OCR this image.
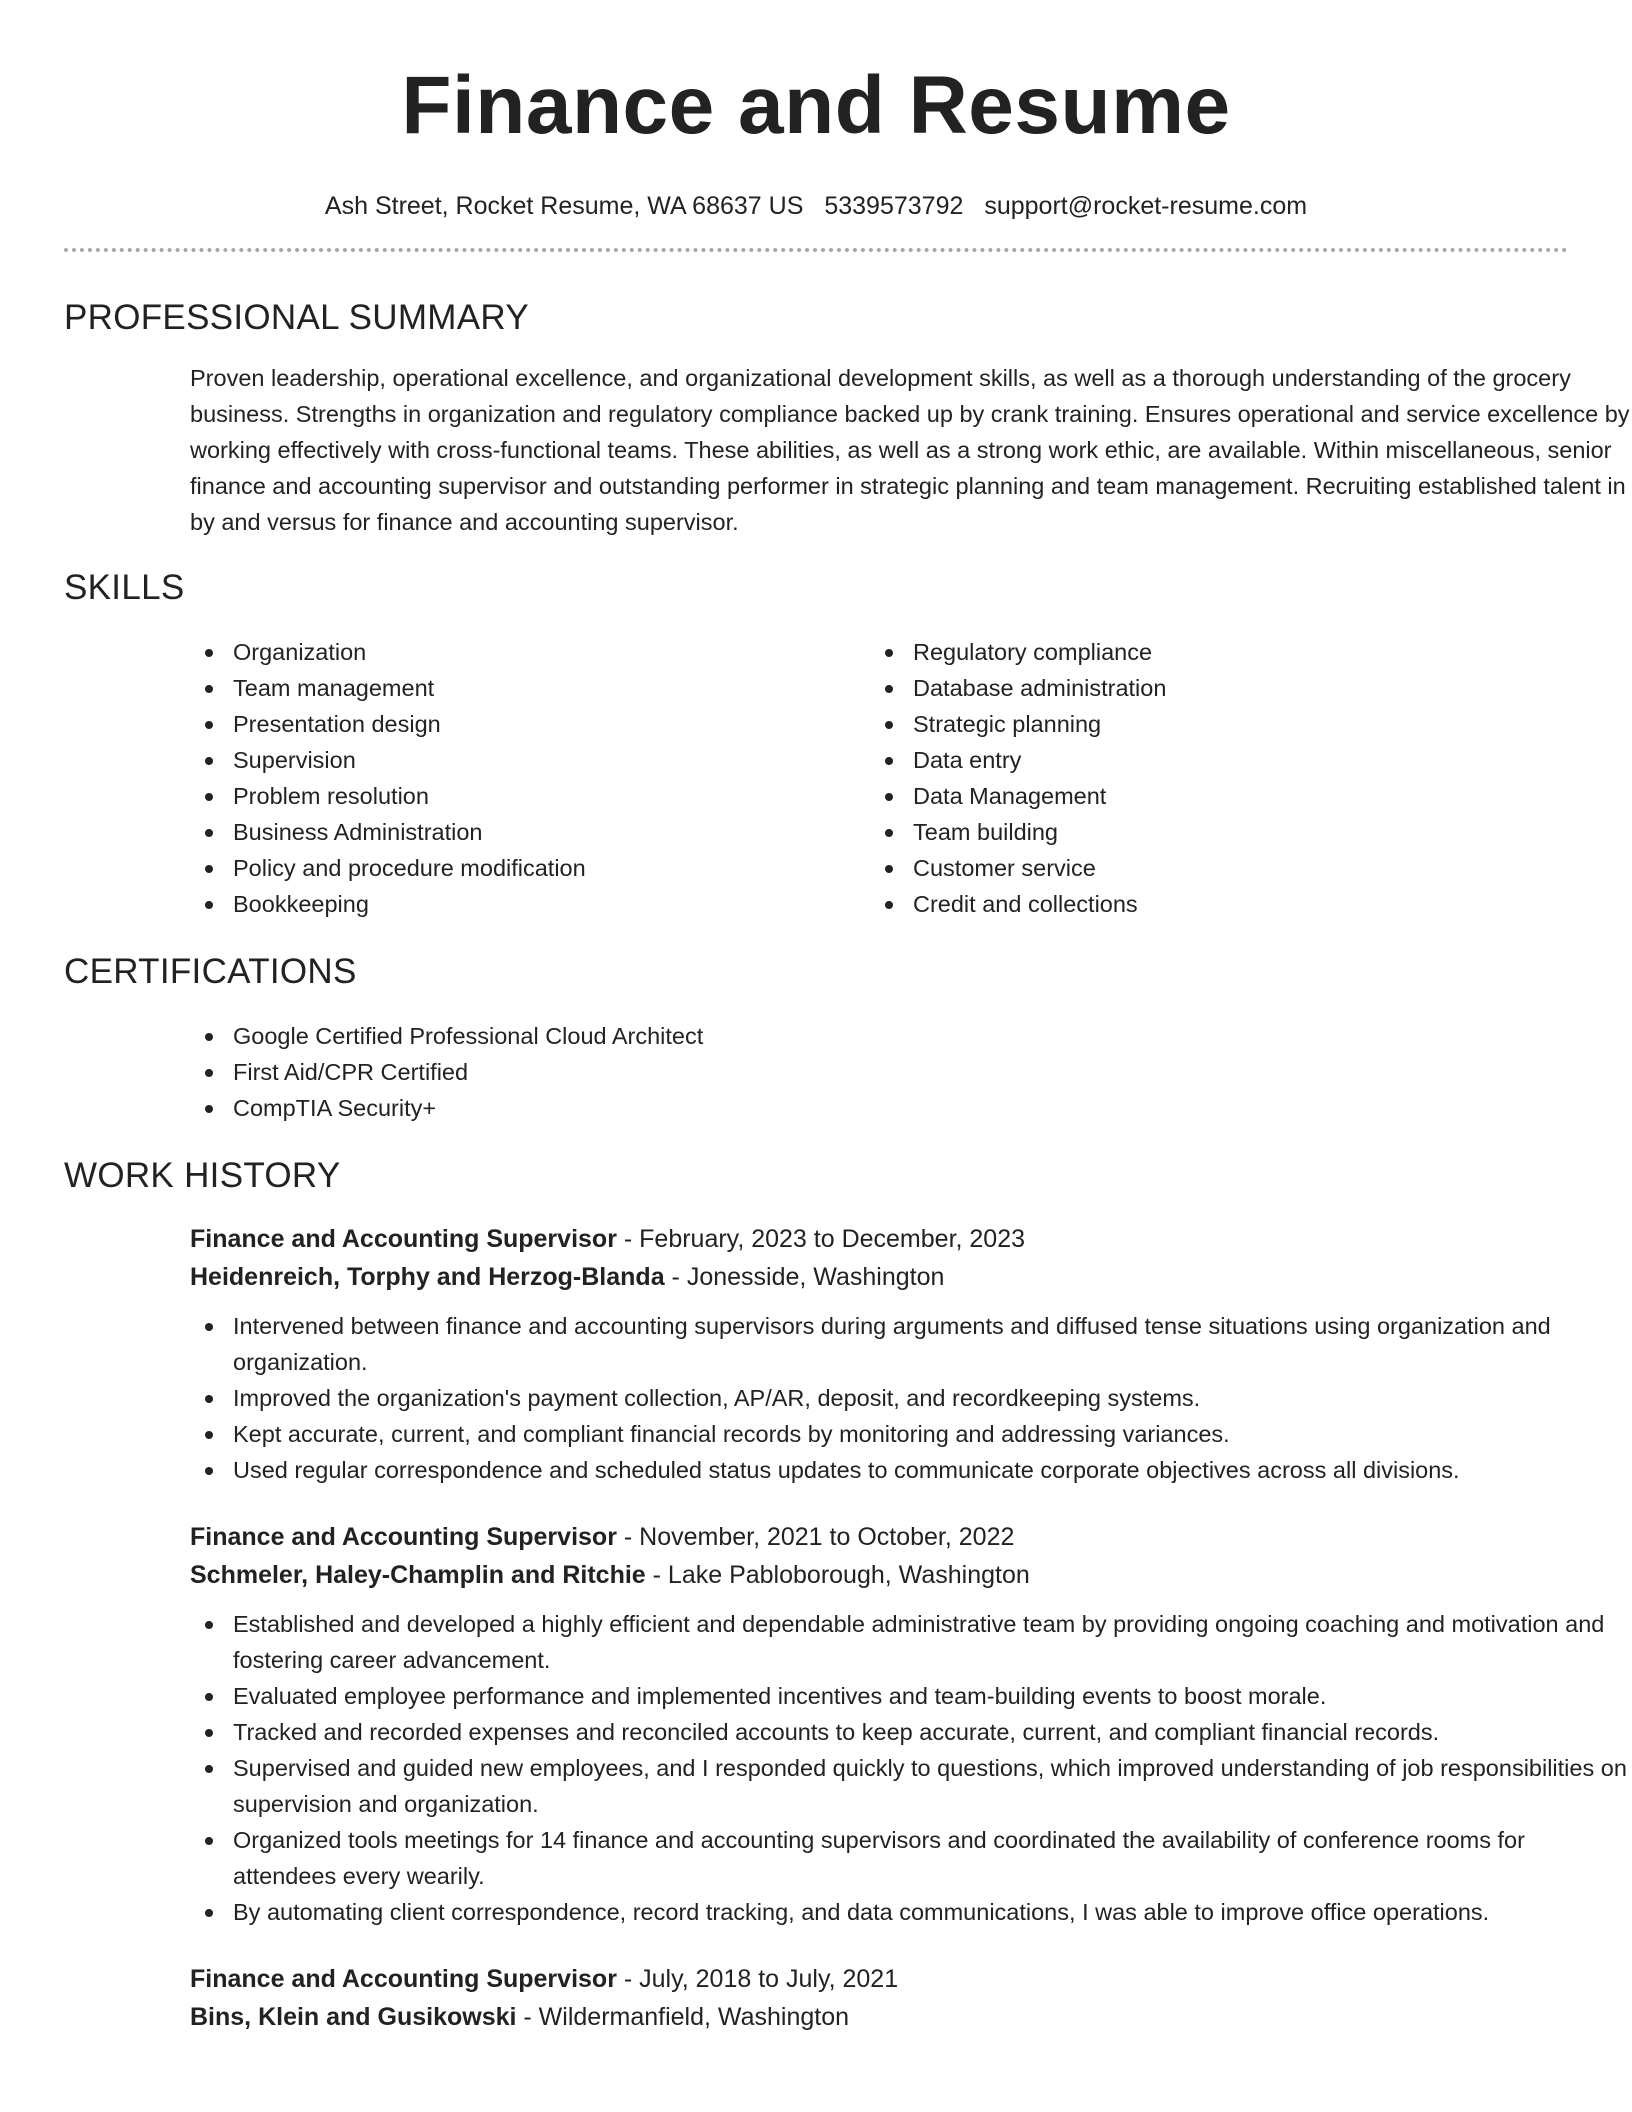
Finance and Resume
Ash Street, Rocket Resume, WA 68637 US 5339573792 support@rocket-resume.com
PROFESSIONAL SUMMARY

Proven leadership, operational excellence, and organizational development skills, as well as a thorough understanding of the grocery business. Strengths in organization and regulatory compliance backed up by crank training. Ensures operational and service excellence by working effectively with cross-functional teams. These abilities, as well as a strong work ethic, are available. Within miscellaneous, senior finance and accounting supervisor and outstanding performer in strategic planning and team management. Recruiting established talent in by and versus for finance and accounting supervisor.

SKILLS
Organization
Team management
Presentation design
Supervision
Problem resolution
Business Administration
Policy and procedure modification
Bookkeeping
Regulatory compliance
Database administration
Strategic planning
Data entry
Data Management
Team building
Customer service
Credit and collections
CERTIFICATIONS
Google Certified Professional Cloud Architect
First Aid/CPR Certified
CompTIA Security+
WORK HISTORY
Finance and Accounting Supervisor - February, 2023 to December, 2023
Heidenreich, Torphy and Herzog-Blanda - Jonesside, Washington
Intervened between finance and accounting supervisors during arguments and diffused tense situations using organization and organization.
Improved the organization's payment collection, AP/AR, deposit, and recordkeeping systems.
Kept accurate, current, and compliant financial records by monitoring and addressing variances.
Used regular correspondence and scheduled status updates to communicate corporate objectives across all divisions.
Finance and Accounting Supervisor - November, 2021 to October, 2022
Schmeler, Haley-Champlin and Ritchie - Lake Pabloborough, Washington
Established and developed a highly efficient and dependable administrative team by providing ongoing coaching and motivation and fostering career advancement.
Evaluated employee performance and implemented incentives and team-building events to boost morale.
Tracked and recorded expenses and reconciled accounts to keep accurate, current, and compliant financial records.
Supervised and guided new employees, and I responded quickly to questions, which improved understanding of job responsibilities on supervision and organization.
Organized tools meetings for 14 finance and accounting supervisors and coordinated the availability of conference rooms for attendees every wearily.
By automating client correspondence, record tracking, and data communications, I was able to improve office operations.
Finance and Accounting Supervisor - July, 2018 to July, 2021
Bins, Klein and Gusikowski - Wildermanfield, Washington
